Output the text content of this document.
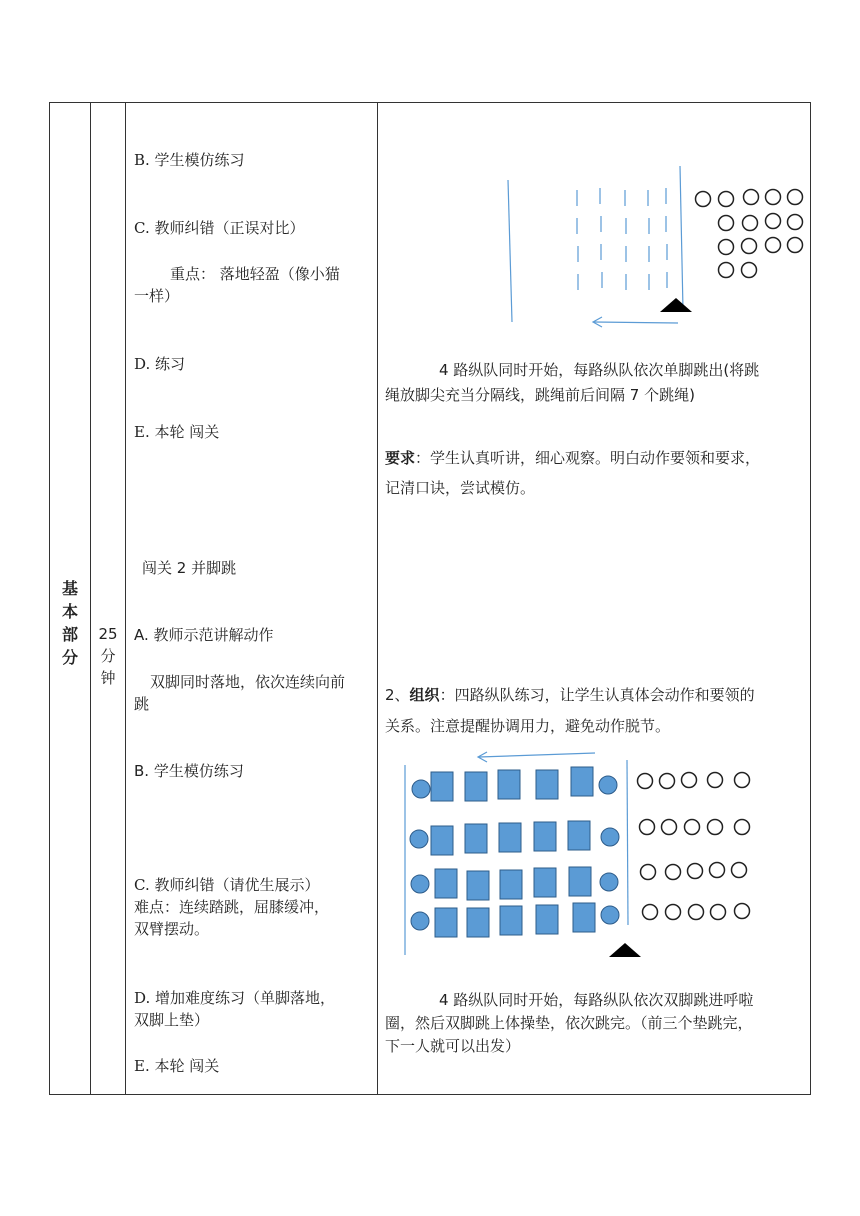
基
本
部
分
25
分
钟
B. 学生模仿练习
C. 教师纠错（正误对比）
重点： 落地轻盈（像小猫
一样）
D. 练习
E. 本轮 闯关
闯关 2 并脚跳
A. 教师示范讲解动作
双脚同时落地，依次连续向前
跳
B. 学生模仿练习
C. 教师纠错（请优生展示）
难点：连续踏跳，屈膝缓冲，
双臂摆动。
D. 增加难度练习（单脚落地，
双脚上垫）
E. 本轮 闯关
4 路纵队同时开始，每路纵队依次单脚跳出(将跳
绳放脚尖充当分隔线，跳绳前后间隔 7 个跳绳)
要求：学生认真听讲，细心观察。明白动作要领和要求，
记清口诀，尝试模仿。
2、组织：四路纵队练习，让学生认真体会动作和要领的
关系。注意提醒协调用力，避免动作脱节。
4 路纵队同时开始，每路纵队依次双脚跳进呼啦
圈，然后双脚跳上体操垫，依次跳完。（前三个垫跳完，
下一人就可以出发）
